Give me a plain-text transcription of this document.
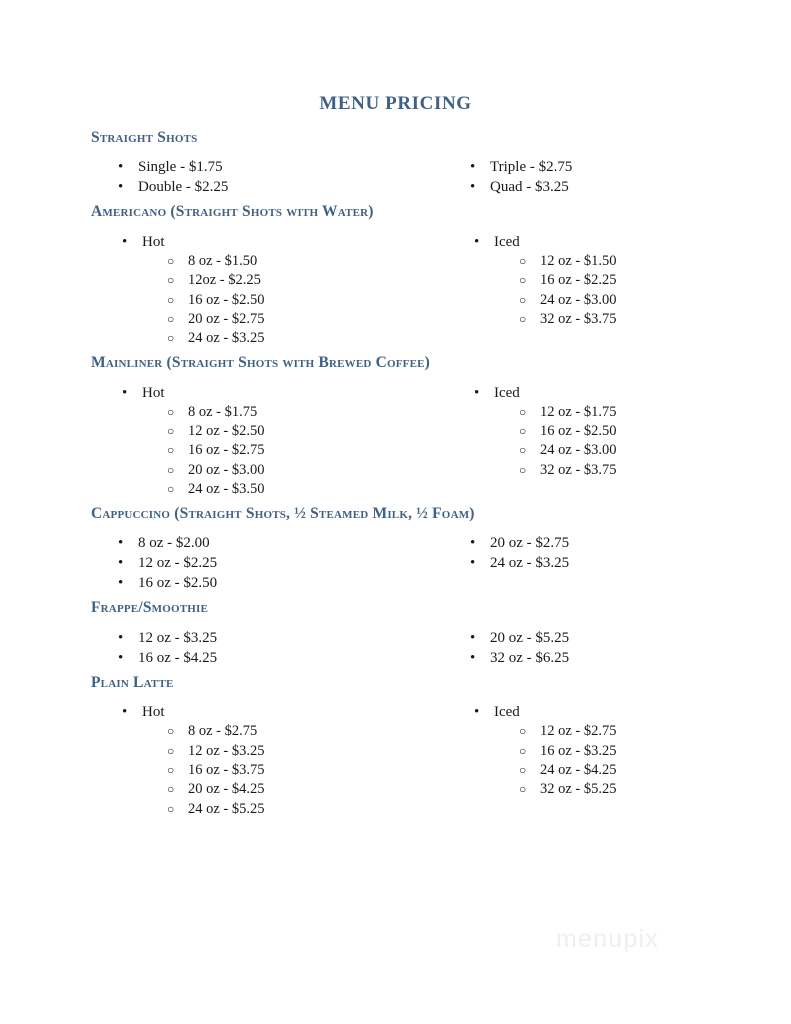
MENU PRICING
Straight Shots
• Single - $1.75
• Double - $2.25
• Triple - $2.75
• Quad - $3.25
Americano (Straight Shots with Water)
• Hot
○ 8 oz - $1.50
○ 12oz - $2.25
○ 16 oz - $2.50
○ 20 oz - $2.75
○ 24 oz - $3.25
• Iced
○ 12 oz - $1.50
○ 16 oz - $2.25
○ 24 oz - $3.00
○ 32 oz - $3.75
Mainliner (Straight Shots with Brewed Coffee)
• Hot
○ 8 oz - $1.75
○ 12 oz - $2.50
○ 16 oz - $2.75
○ 20 oz - $3.00
○ 24 oz - $3.50
• Iced
○ 12 oz - $1.75
○ 16 oz - $2.50
○ 24 oz - $3.00
○ 32 oz - $3.75
Cappuccino (Straight Shots, ½ Steamed Milk, ½ Foam)
• 8 oz - $2.00
• 12 oz - $2.25
• 16 oz - $2.50
• 20 oz - $2.75
• 24 oz - $3.25
Frappe/Smoothie
• 12 oz - $3.25
• 16 oz - $4.25
• 20 oz - $5.25
• 32 oz - $6.25
Plain Latte
• Hot
○ 8 oz - $2.75
○ 12 oz - $3.25
○ 16 oz - $3.75
○ 20 oz - $4.25
○ 24 oz - $5.25
• Iced
○ 12 oz - $2.75
○ 16 oz - $3.25
○ 24 oz - $4.25
○ 32 oz - $5.25
menupix
